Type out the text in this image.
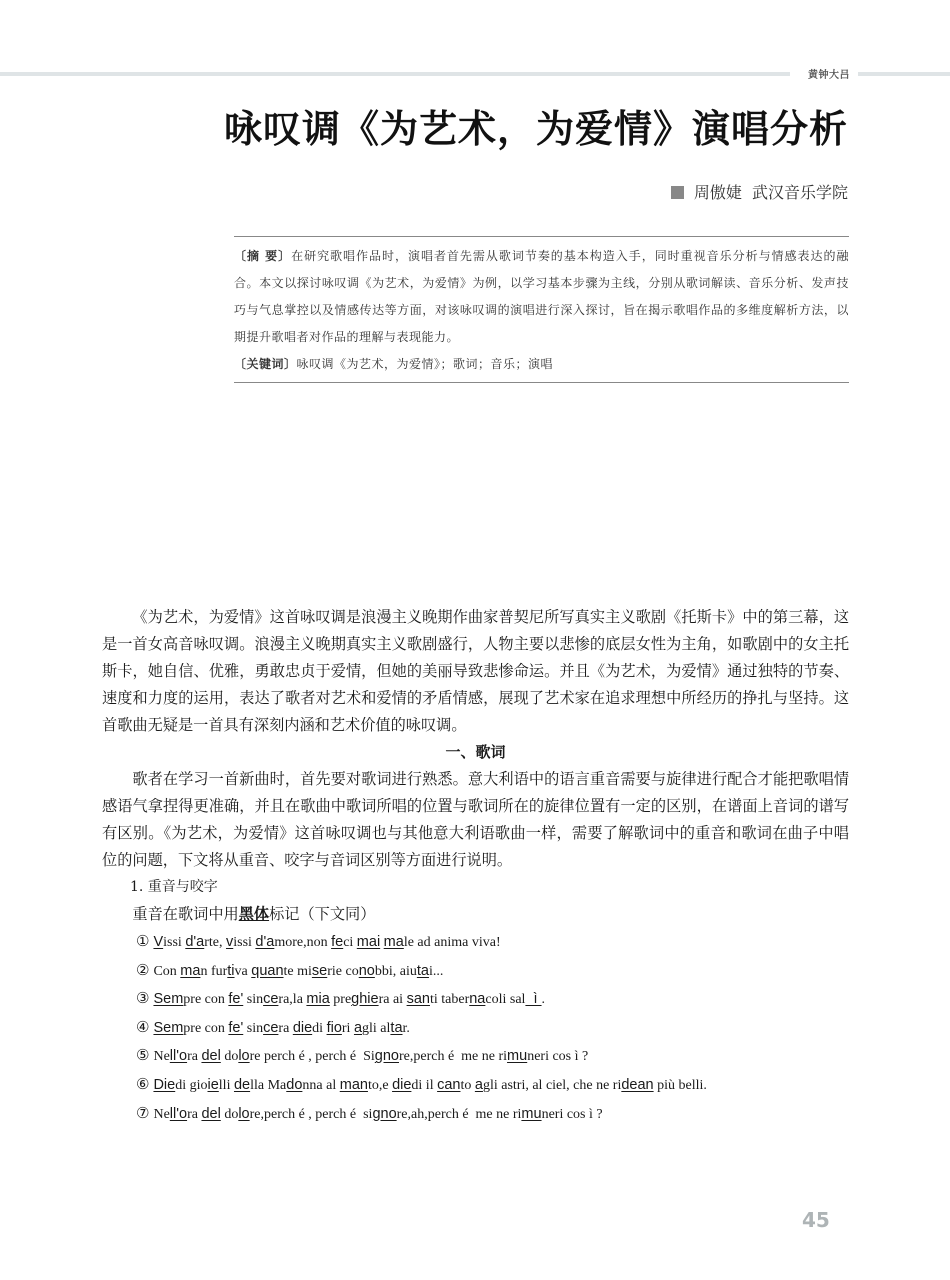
黄钟大吕
咏叹调《为艺术，为爱情》演唱分析
周傲婕  武汉音乐学院

〔摘 要〕在研究歌唱作品时，演唱者首先需从歌词节奏的基本构造入手，同时重视音乐分析与情感表达的融合。本文以探讨咏叹调《为艺术，为爱情》为例，以学习基本步骤为主线，分别从歌词解读、音乐分析、发声技巧与气息掌控以及情感传达等方面，对该咏叹调的演唱进行深入探讨，旨在揭示歌唱作品的多维度解析方法，以期提升歌唱者对作品的理解与表现能力。

〔关键词〕咏叹调《为艺术，为爱情》；歌词；音乐；演唱

《为艺术，为爱情》这首咏叹调是浪漫主义晚期作曲家普契尼所写真实主义歌剧《托斯卡》中的第三幕，这是一首女高音咏叹调。浪漫主义晚期真实主义歌剧盛行，人物主要以悲惨的底层女性为主角，如歌剧中的女主托斯卡，她自信、优雅，勇敢忠贞于爱情，但她的美丽导致悲惨命运。并且《为艺术，为爱情》通过独特的节奏、速度和力度的运用，表达了歌者对艺术和爱情的矛盾情感，展现了艺术家在追求理想中所经历的挣扎与坚持。这首歌曲无疑是一首具有深刻内涵和艺术价值的咏叹调。

一、歌词

歌者在学习一首新曲时，首先要对歌词进行熟悉。意大利语中的语言重音需要与旋律进行配合才能把歌唱情感语气拿捏得更准确，并且在歌曲中歌词所唱的位置与歌词所在的旋律位置有一定的区别，在谱面上音词的谱写有区别。《为艺术，为爱情》这首咏叹调也与其他意大利语歌曲一样，需要了解歌词中的重音和歌词在曲子中唱位的问题，下文将从重音、咬字与音词区别等方面进行说明。

1. 重音与咬字

重音在歌词中用黑体标记（下文同）

① Vissi d'arte, vissi d'amore,non feci mai male ad anima viva!
② Con man furtiva quante miserie conobbi, aiutai...
③ Sempre con fe' sincera,la mia preghiera ai santi tabernacoli sal  ì .
④ Sempre con fe' sincera diedi fiori agli altar.
⑤ Nell'ora del dolore perch é , perch é  Signore,perch é  me ne rimuneri cos ì ?
⑥ Diedi gioielli della Madonna al manto,e diedi il canto agli astri, al ciel, che ne ridean più belli.
⑦ Nell'ora del dolore,perch é , perch é  signore,ah,perch é  me ne rimuneri cos ì ?
45
